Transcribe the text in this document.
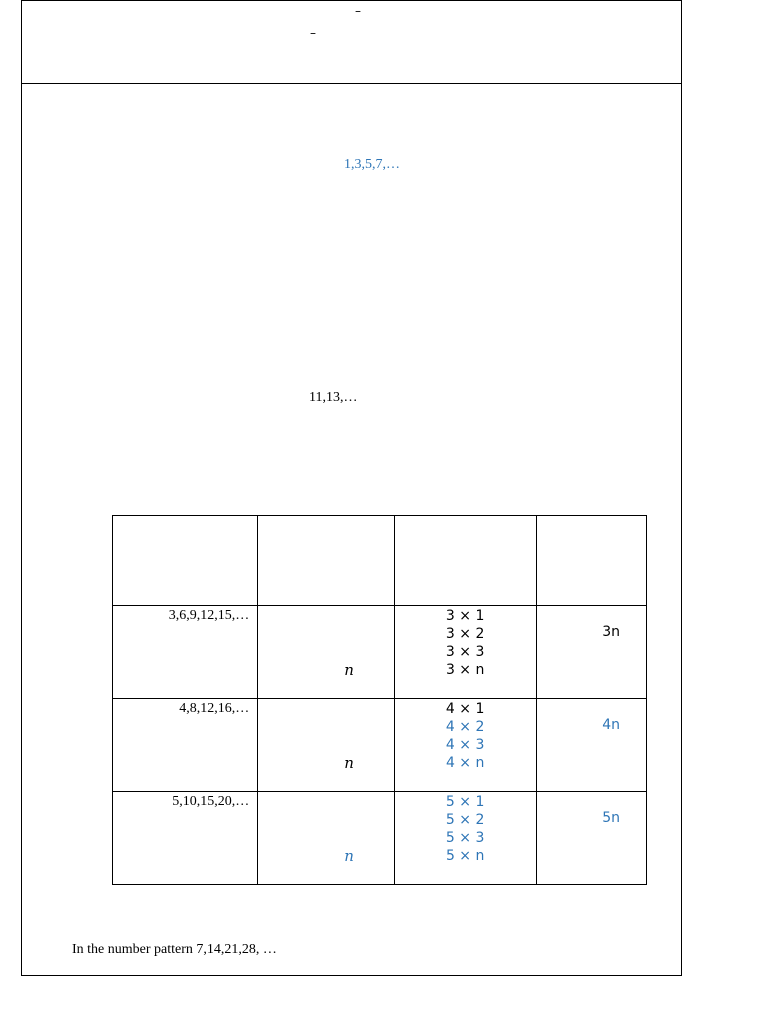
–
–
1,3,5,7,…
11,13,…

3,6,9,12,15,…	n	3 × 1
3 × 2
3 × 3
3 × n	3n

4,8,12,16,…	n	4 × 1
4 × 2
4 × 3
4 × n	4n

5,10,15,20,…	n	5 × 1
5 × 2
5 × 3
5 × n	5n
In the number pattern 7,14,21,28, …
